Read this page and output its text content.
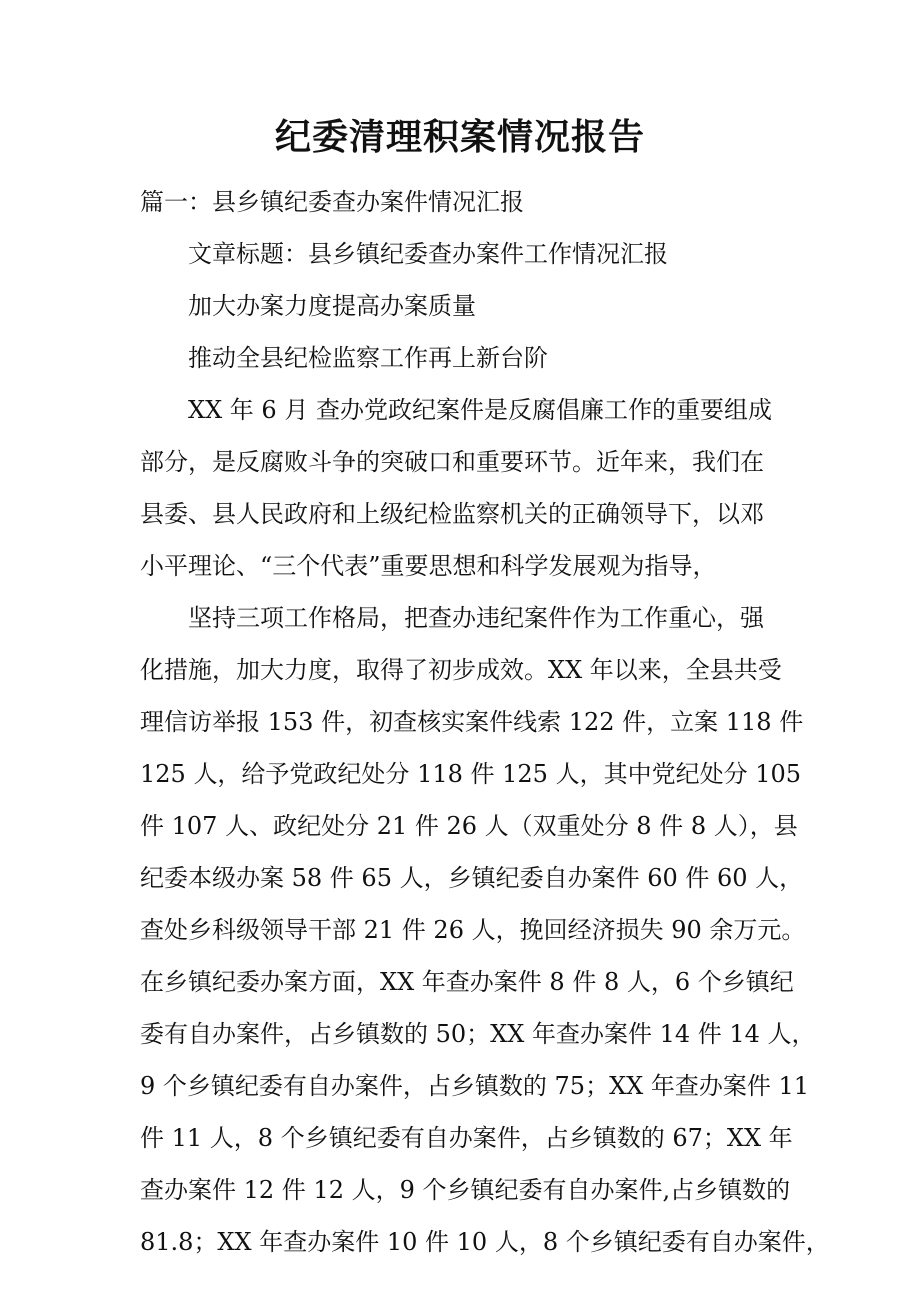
纪委清理积案情况报告

篇一：县乡镇纪委查办案件情况汇报

文章标题：县乡镇纪委查办案件工作情况汇报

加大办案力度提高办案质量

推动全县纪检监察工作再上新台阶

XX 年 6 月 查办党政纪案件是反腐倡廉工作的重要组成

部分，是反腐败斗争的突破口和重要环节。近年来，我们在

县委、县人民政府和上级纪检监察机关的正确领导下，以邓

小平理论、“三个代表”重要思想和科学发展观为指导，

坚持三项工作格局，把查办违纪案件作为工作重心，强

化措施，加大力度，取得了初步成效。XX 年以来，全县共受

理信访举报 153 件，初查核实案件线索 122 件，立案 118 件

125 人，给予党政纪处分 118 件 125 人，其中党纪处分 105

件 107 人、政纪处分 21 件 26 人（双重处分 8 件 8 人），县

纪委本级办案 58 件 65 人，乡镇纪委自办案件 60 件 60 人，

查处乡科级领导干部 21 件 26 人，挽回经济损失 90 余万元。

在乡镇纪委办案方面，XX 年查办案件 8 件 8 人，6 个乡镇纪

委有自办案件，占乡镇数的 50；XX 年查办案件 14 件 14 人，

9 个乡镇纪委有自办案件，占乡镇数的 75；XX 年查办案件 11

件 11 人，8 个乡镇纪委有自办案件，占乡镇数的 67；XX 年

查办案件 12 件 12 人，9 个乡镇纪委有自办案件,占乡镇数的

81.8；XX 年查办案件 10 件 10 人，8 个乡镇纪委有自办案件，
